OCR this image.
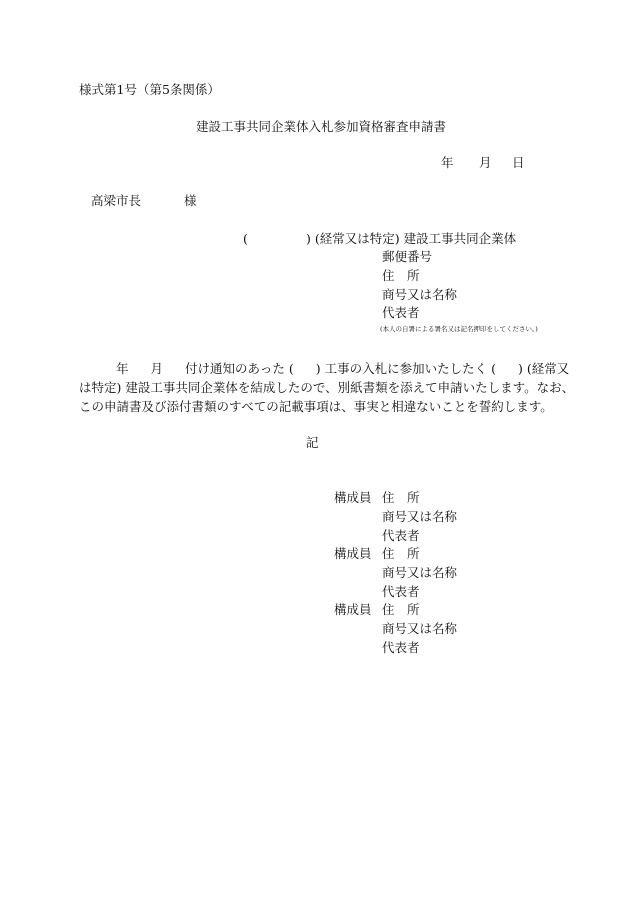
様式第1号（第5条関係）
建設工事共同企業体入札参加資格審査申請書
年 月 日
高梁市長	様
(	) (経常又は特定) 建設工事共同企業体
郵便番号
住　所
商号又は名称
代表者
(本人の自署による署名又は記名押印をしてください。)
年 月 付け通知のあった ( ) 工事の入札に参加いたしたく ( ) (経常又
は特定) 建設工事共同企業体を結成したので、別紙書類を添えて申請いたします。なお、
この申請書及び添付書類のすべての記載事項は、事実と相違ないことを誓約します。
記
構成員 住　所
商号又は名称
代表者
構成員 住　所
商号又は名称
代表者
構成員 住　所
商号又は名称
代表者
